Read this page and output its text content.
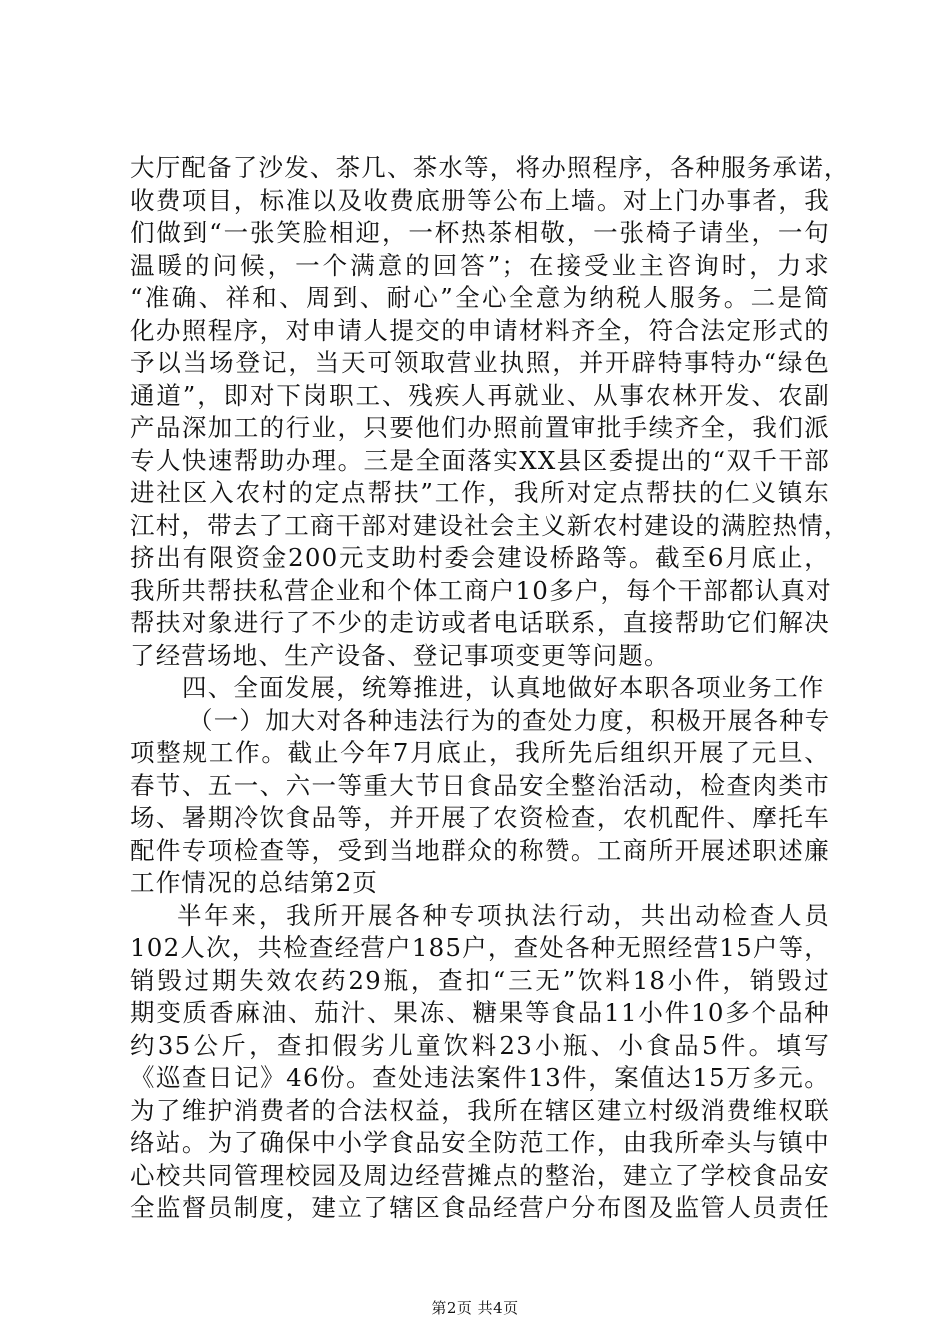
大厅配备了沙发、茶几、茶水等，将办照程序，各种服务承诺，
收费项目，标准以及收费底册等公布上墙。对上门办事者，我
们做到“一张笑脸相迎，一杯热茶相敬，一张椅子请坐，一句
温暖的问候，一个满意的回答”；在接受业主咨询时，力求
“准确、祥和、周到、耐心”全心全意为纳税人服务。二是简
化办照程序，对申请人提交的申请材料齐全，符合法定形式的
予以当场登记，当天可领取营业执照，并开辟特事特办“绿色
通道”，即对下岗职工、残疾人再就业、从事农林开发、农副
产品深加工的行业，只要他们办照前置审批手续齐全，我们派
专人快速帮助办理。三是全面落实XX县区委提出的“双千干部
进社区入农村的定点帮扶”工作，我所对定点帮扶的仁义镇东
江村，带去了工商干部对建设社会主义新农村建设的满腔热情，
挤出有限资金200元支助村委会建设桥路等。截至6月底止，
我所共帮扶私营企业和个体工商户10多户，每个干部都认真对
帮扶对象进行了不少的走访或者电话联系，直接帮助它们解决
了经营场地、生产设备、登记事项变更等问题。
四、全面发展，统筹推进，认真地做好本职各项业务工作
（一）加大对各种违法行为的查处力度，积极开展各种专
项整规工作。截止今年7月底止，我所先后组织开展了元旦、
春节、五一、六一等重大节日食品安全整治活动，检查肉类市
场、暑期冷饮食品等，并开展了农资检查，农机配件、摩托车
配件专项检查等，受到当地群众的称赞。工商所开展述职述廉
工作情况的总结第2页
半年来，我所开展各种专项执法行动，共出动检查人员
102人次，共检查经营户185户，查处各种无照经营15户等，
销毁过期失效农药29瓶，查扣“三无”饮料18小件，销毁过
期变质香麻油、茄汁、果冻、糖果等食品11小件10多个品种
约35公斤，查扣假劣儿童饮料23小瓶、小食品5件。填写
《巡查日记》46份。查处违法案件13件，案值达15万多元。
为了维护消费者的合法权益，我所在辖区建立村级消费维权联
络站。为了确保中小学食品安全防范工作，由我所牵头与镇中
心校共同管理校园及周边经营摊点的整治，建立了学校食品安
全监督员制度，建立了辖区食品经营户分布图及监管人员责任
第2页 共4页
